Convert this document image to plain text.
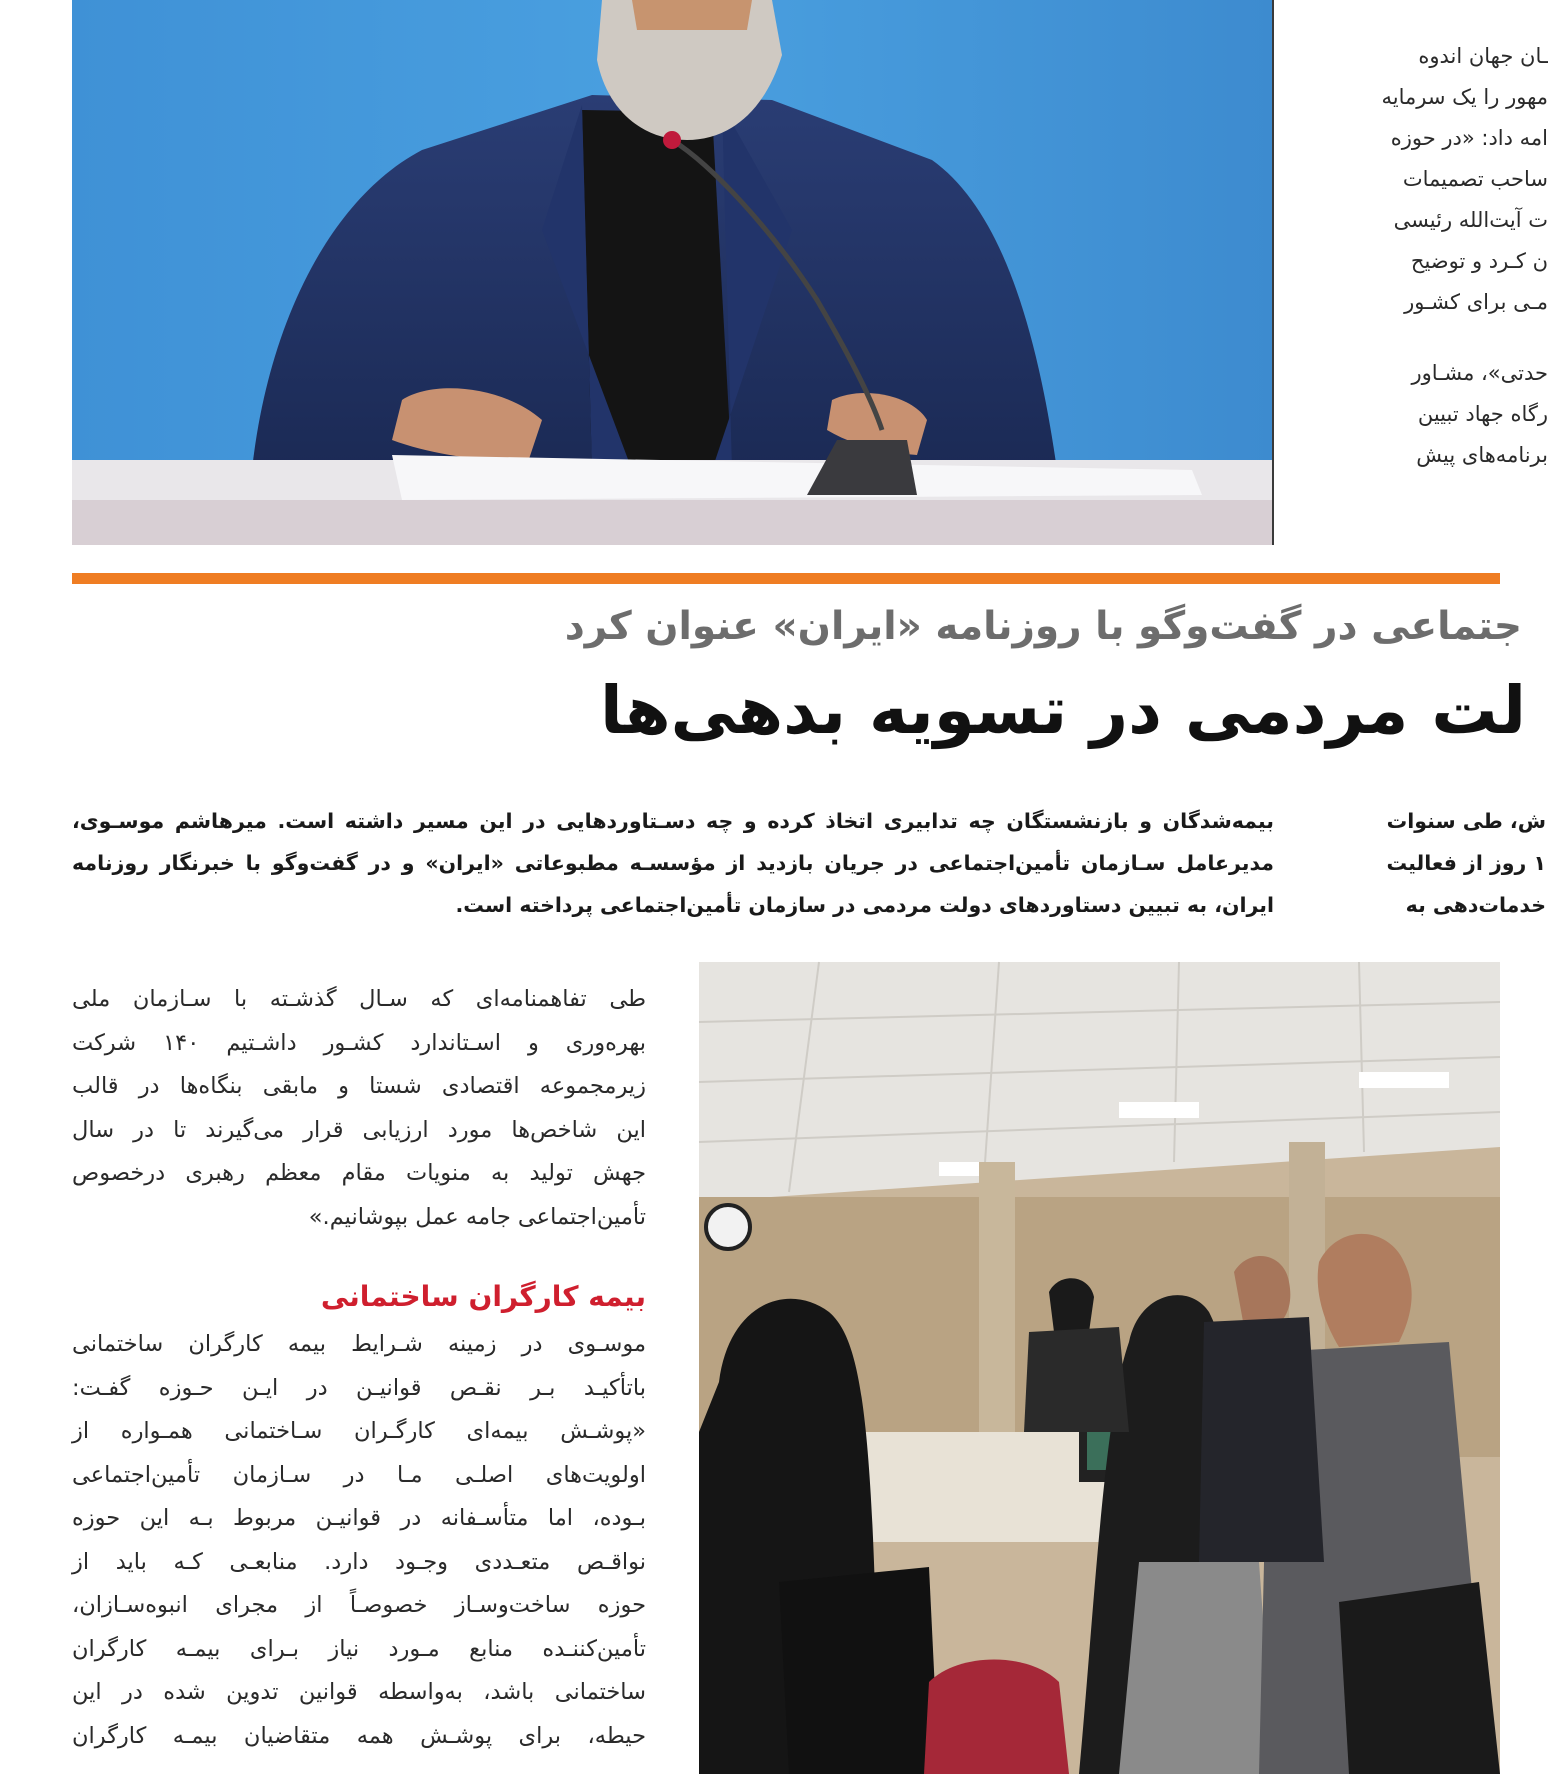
ـان جهان اندوه
مهور را یک سرمایه
امه داد: «در حوزه
ساحب تصمیمات
ت آیت‌الله رئیسی
ن کـرد و توضیح
مـی برای کشـور
حدتی»، مشـاور
رگاه جهاد تبیین
برنامه‌های پیش
جتماعی در گفت‌وگو با روزنامه «ایران» عنوان کرد
لت مردمی در تسویه بدهی‌ها
بیمه‌شدگان و بازنشستگان چه تدابیری اتخاذ کرده و چه دسـتاوردهایی در این مسیر داشته است. میرهاشم موسـوی، مدیرعامل سـازمان تأمین‌اجتماعی در جریان بازدید از مؤسسـه مطبوعاتی «ایران» و در گفت‌وگو با خبرنگار روزنامه ایران، به تبیین دستاوردهای دولت مردمی در سازمان تأمین‌اجتماعی پرداخته است.
ش، طی سنوات
۱ روز از فعالیت
خدمات‌دهی به
طی تفاهمنامه‌ای که سـال گذشـته با سـازمان ملی
بهره‌وری و اسـتاندارد کشـور داشـتیم ۱۴۰ شرکت
زیرمجموعه اقتصادی شستا و مابقی بنگاه‌ها در قالب
این شاخص‌ها مورد ارزیابی قرار می‌گیرند تا در سال
جهش تولید به منویات مقام معظم رهبری درخصوص
تأمین‌اجتماعی جامه عمل بپوشانیم.»
بیمه کارگران ساختمانی
موسـوی در زمینه شـرایط بیمه کارگران ساختمانی
باتأکیـد بـر نقـص قوانیـن در ایـن حـوزه گفـت:
«پوشـش بیمه‌ای کارگـران سـاختمانی همـواره از
اولویت‌های اصلـی مـا در سـازمان تأمین‌اجتماعی
بـوده، اما متأسـفانه در قوانیـن مربوط بـه این حوزه
نواقـص متعـددی وجـود دارد. منابعـی کـه باید از
حوزه ساخت‌وسـاز خصوصـاً از مجرای انبوه‌سـازان،
تأمین‌کننـده منابع مـورد نیاز بـرای بیمـه کارگران
ساختمانی باشد، به‌واسطه قوانین تدوین شده در این
حیطه، برای پوشـش همه متقاضیان بیمـه کارگران
